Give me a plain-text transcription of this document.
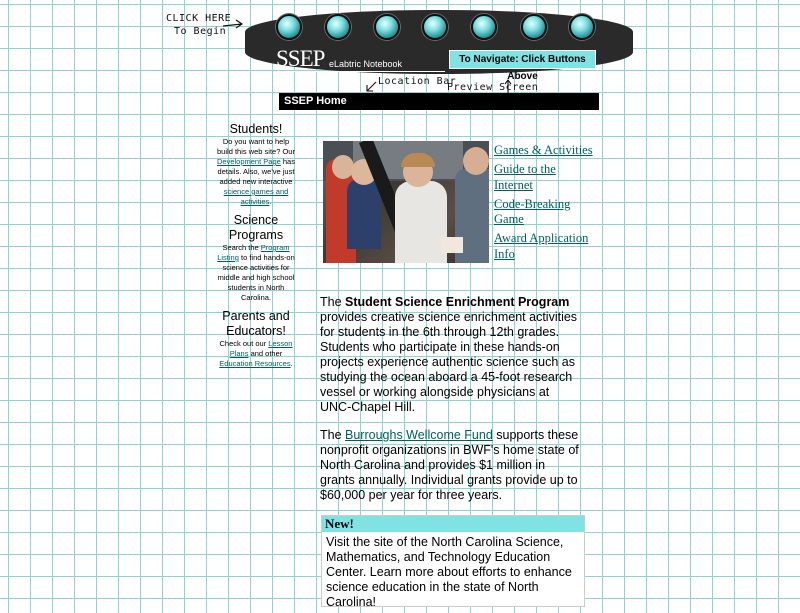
CLICK HERE
To Begin
Location Bar
Preview Screen
SSEP eLabtric Notebook	To Navigate: Click Buttons Above
SSEP Home
Students!
Do you want to help build this web site? Our Development Page has details. Also, we've just added new interactive science games and activities.
Science Programs
Search the Program Listing to find hands-on science activities for middle and high school students in North Carolina.
Parents and Educators!
Check out our Lesson Plans and other Education Resources.
Games & Activities
Guide to the Internet
Code-Breaking Game
Award Application Info
The Student Science Enrichment Program provides creative science enrichment activities for students in the 6th through 12th grades. Students who participate in these hands-on projects experience authentic science such as studying the ocean aboard a 45-foot research vessel or working alongside physicians at UNC-Chapel Hill.
The Burroughs Wellcome Fund supports these nonprofit organizations in BWF's home state of North Carolina and provides $1 million in grants annually. Individual grants provide up to $60,000 per year for three years.
New!
Visit the site of the North Carolina Science, Mathematics, and Technology Education Center. Learn more about efforts to enhance science education in the state of North Carolina!
